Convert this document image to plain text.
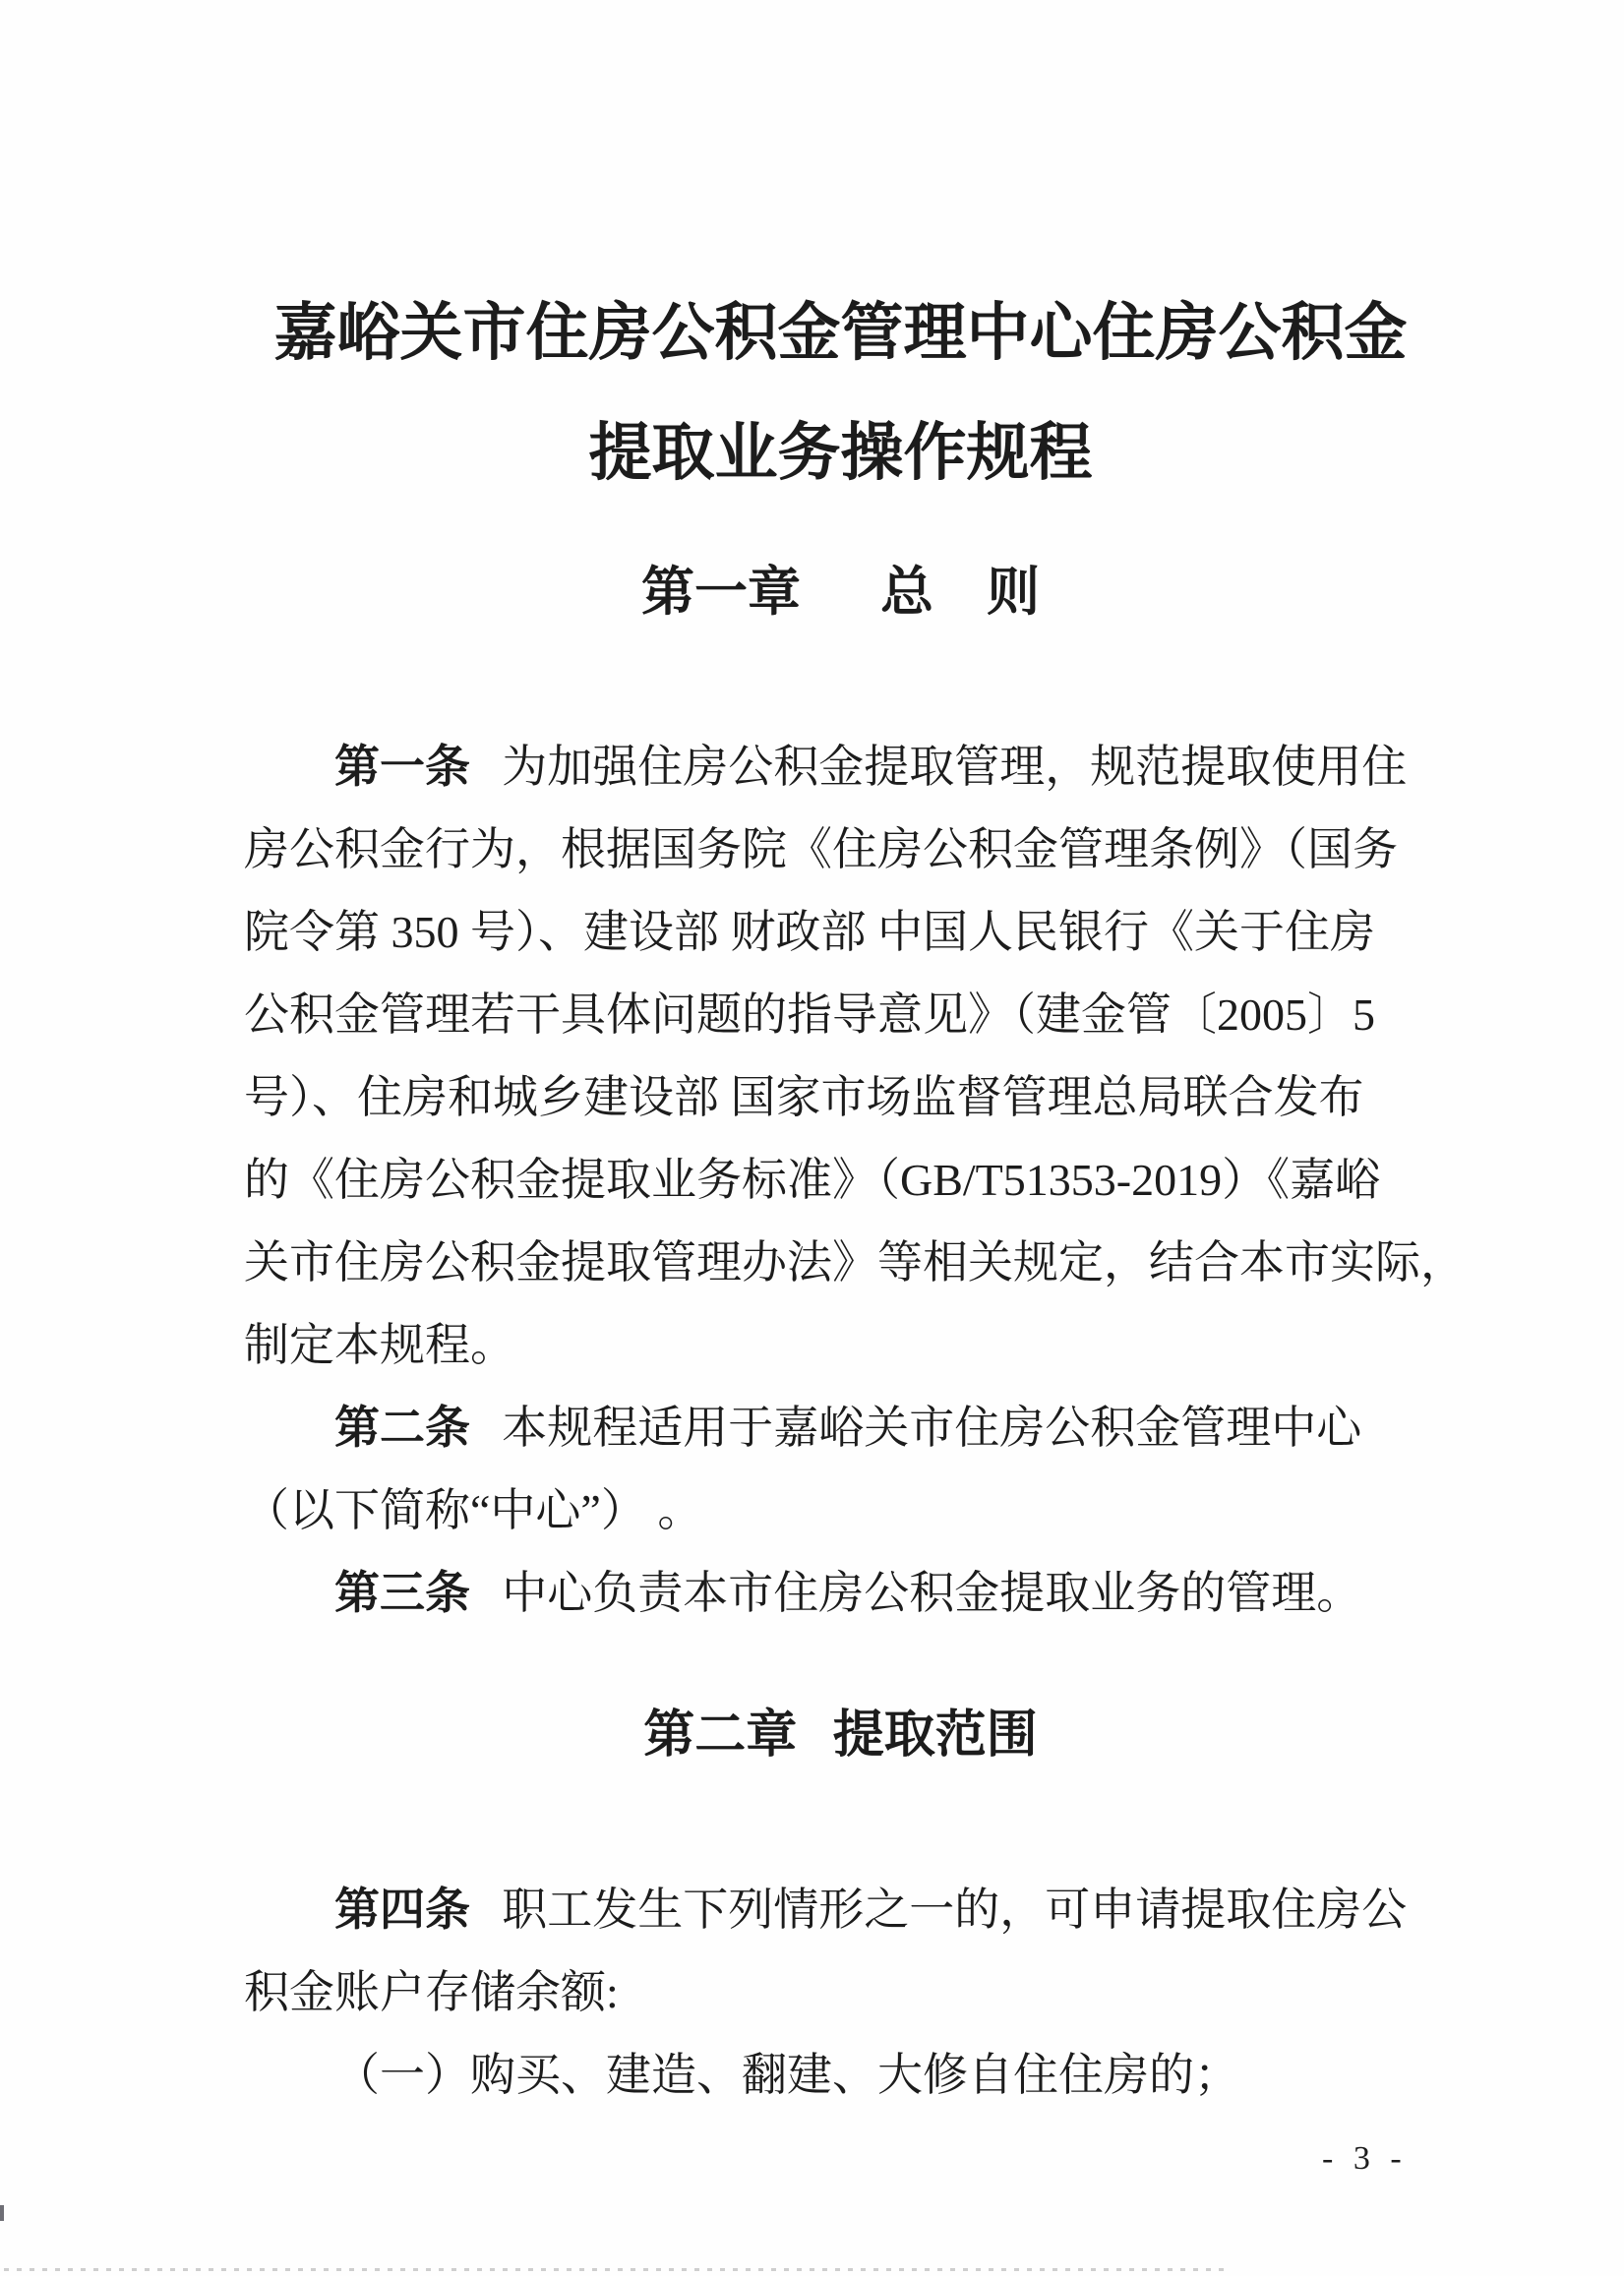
嘉峪关市住房公积金管理中心住房公积金
提取业务操作规程
第一章 总　则
第一条 为加强住房公积金提取管理，规范提取使用住
房公积金行为，根据国务院《住房公积金管理条例》（国务
院令第 350 号）、建设部 财政部 中国人民银行《关于住房
公积金管理若干具体问题的指导意见》（建金管〔2005〕5
号）、住房和城乡建设部 国家市场监督管理总局联合发布
的《住房公积金提取业务标准》（GB/T51353-2019）《嘉峪
关市住房公积金提取管理办法》等相关规定，结合本市实际，
制定本规程。
第二条 本规程适用于嘉峪关市住房公积金管理中心
（以下简称“中心”） 。
第三条 中心负责本市住房公积金提取业务的管理。
第二章 提取范围
第四条 职工发生下列情形之一的，可申请提取住房公
积金账户存储余额:
（一）购买、建造、翻建、大修自住住房的；
- 3 -
